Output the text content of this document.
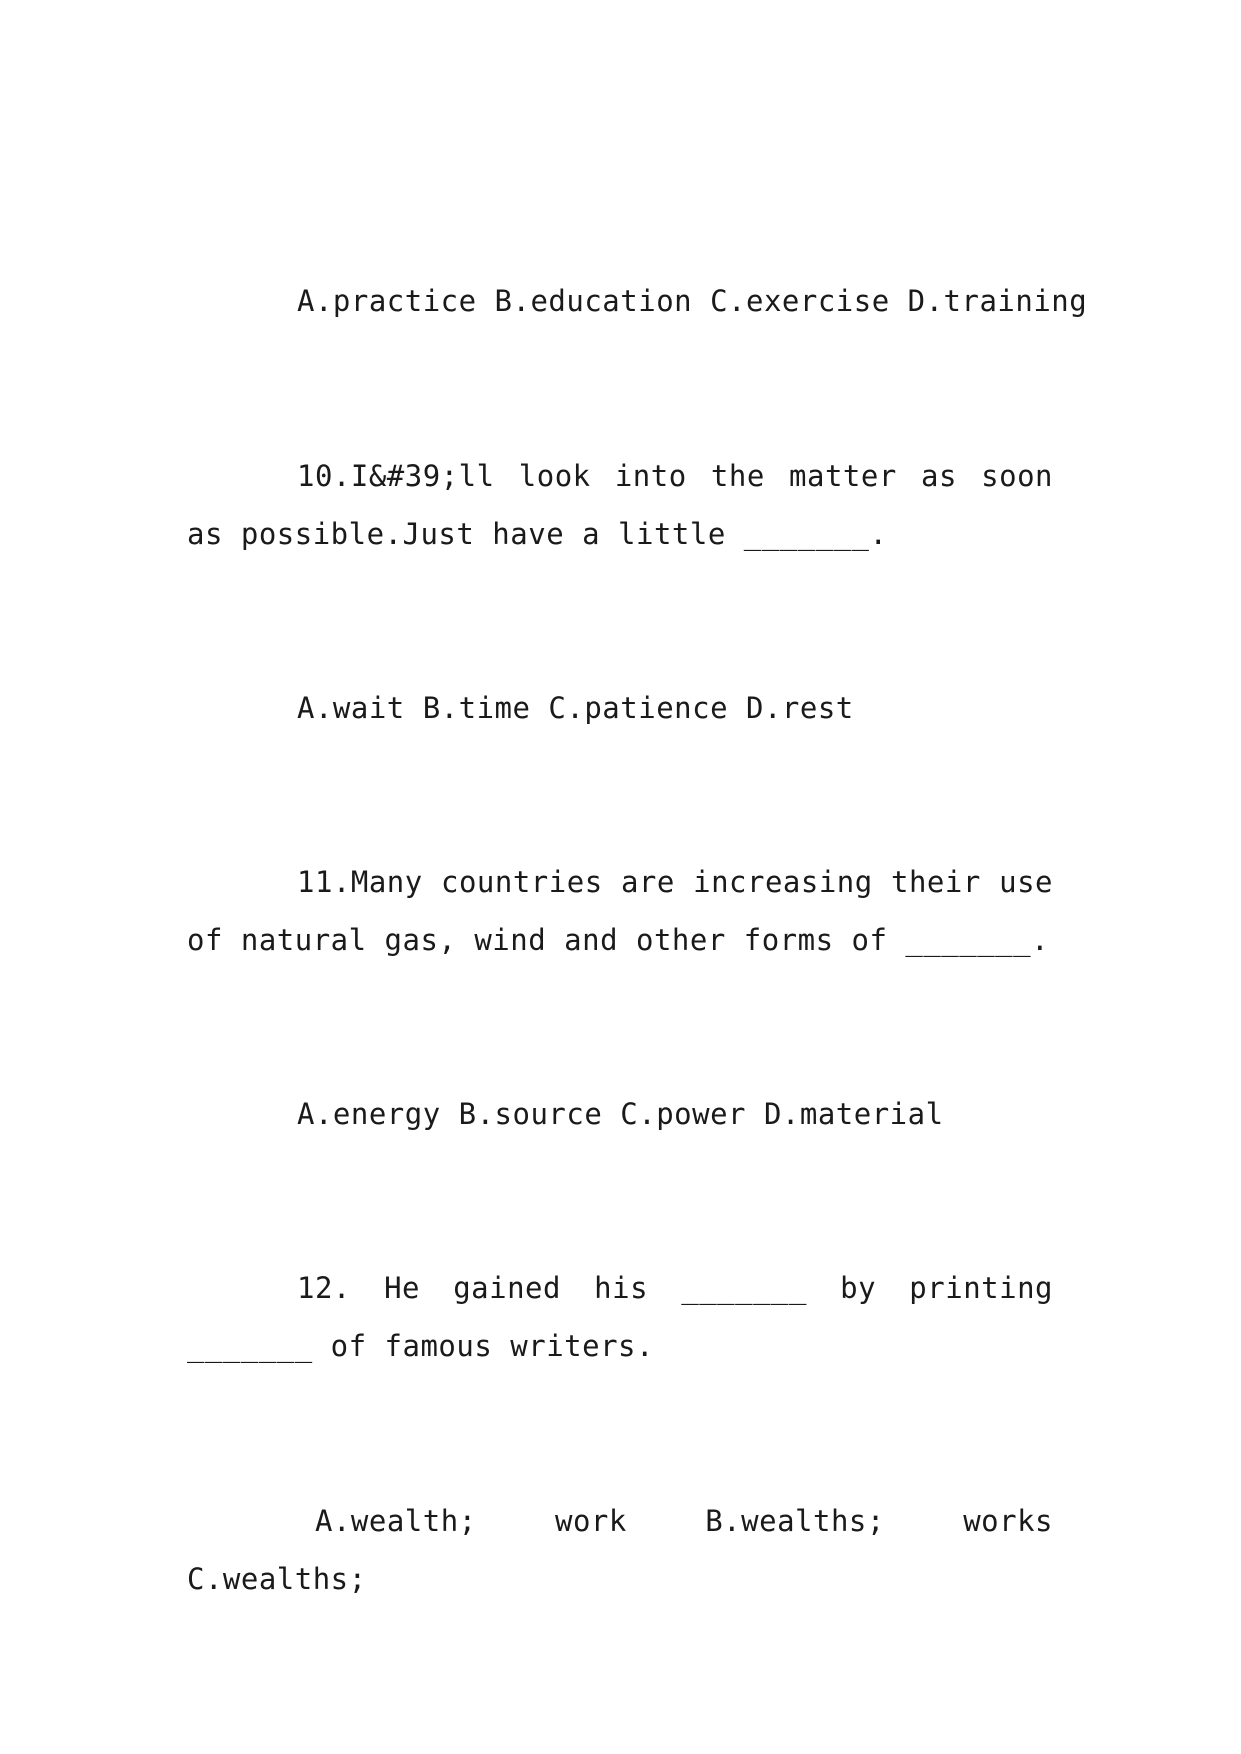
A.practice B.education C.exercise D.training

10.I&#39;ll look into the matter as soon as possible.Just have a little _______.

A.wait B.time C.patience D.rest

11.Many countries are increasing their use of natural gas, wind and other forms of _______.

A.energy B.source C.power D.material

12. He gained his _______ by printing _______ of famous writers.

A.wealth; work B.wealths; works C.wealths;
